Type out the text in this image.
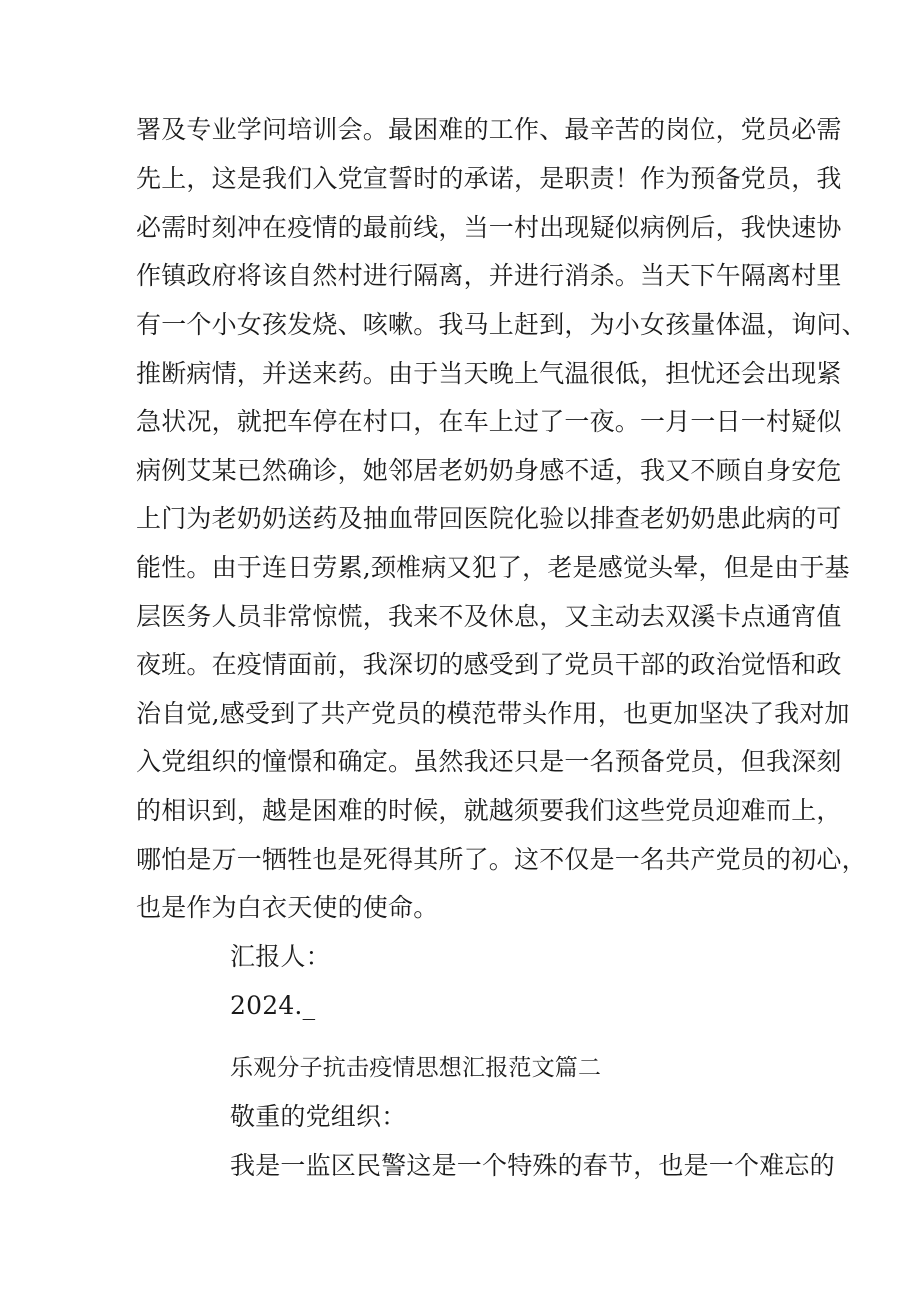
署及专业学问培训会。最困难的工作、最辛苦的岗位，党员必需
先上，这是我们入党宣誓时的承诺，是职责！作为预备党员，我
必需时刻冲在疫情的最前线，当一村出现疑似病例后，我快速协
作镇政府将该自然村进行隔离，并进行消杀。当天下午隔离村里
有一个小女孩发烧、咳嗽。我马上赶到，为小女孩量体温，询问、
推断病情，并送来药。由于当天晚上气温很低，担忧还会出现紧
急状况，就把车停在村口，在车上过了一夜。一月一日一村疑似
病例艾某已然确诊，她邻居老奶奶身感不适，我又不顾自身安危
上门为老奶奶送药及抽血带回医院化验以排查老奶奶患此病的可
能性。由于连日劳累,颈椎病又犯了，老是感觉头晕，但是由于基
层医务人员非常惊慌，我来不及休息，又主动去双溪卡点通宵值
夜班。在疫情面前，我深切的感受到了党员干部的政治觉悟和政
治自觉,感受到了共产党员的模范带头作用，也更加坚决了我对加
入党组织的憧憬和确定。虽然我还只是一名预备党员，但我深刻
的相识到，越是困难的时候，就越须要我们这些党员迎难而上，
哪怕是万一牺牲也是死得其所了。这不仅是一名共产党员的初心，
也是作为白衣天使的使命。
汇报人：
2024._
乐观分子抗击疫情思想汇报范文篇二
敬重的党组织：
我是一监区民警这是一个特殊的春节，也是一个难忘的
